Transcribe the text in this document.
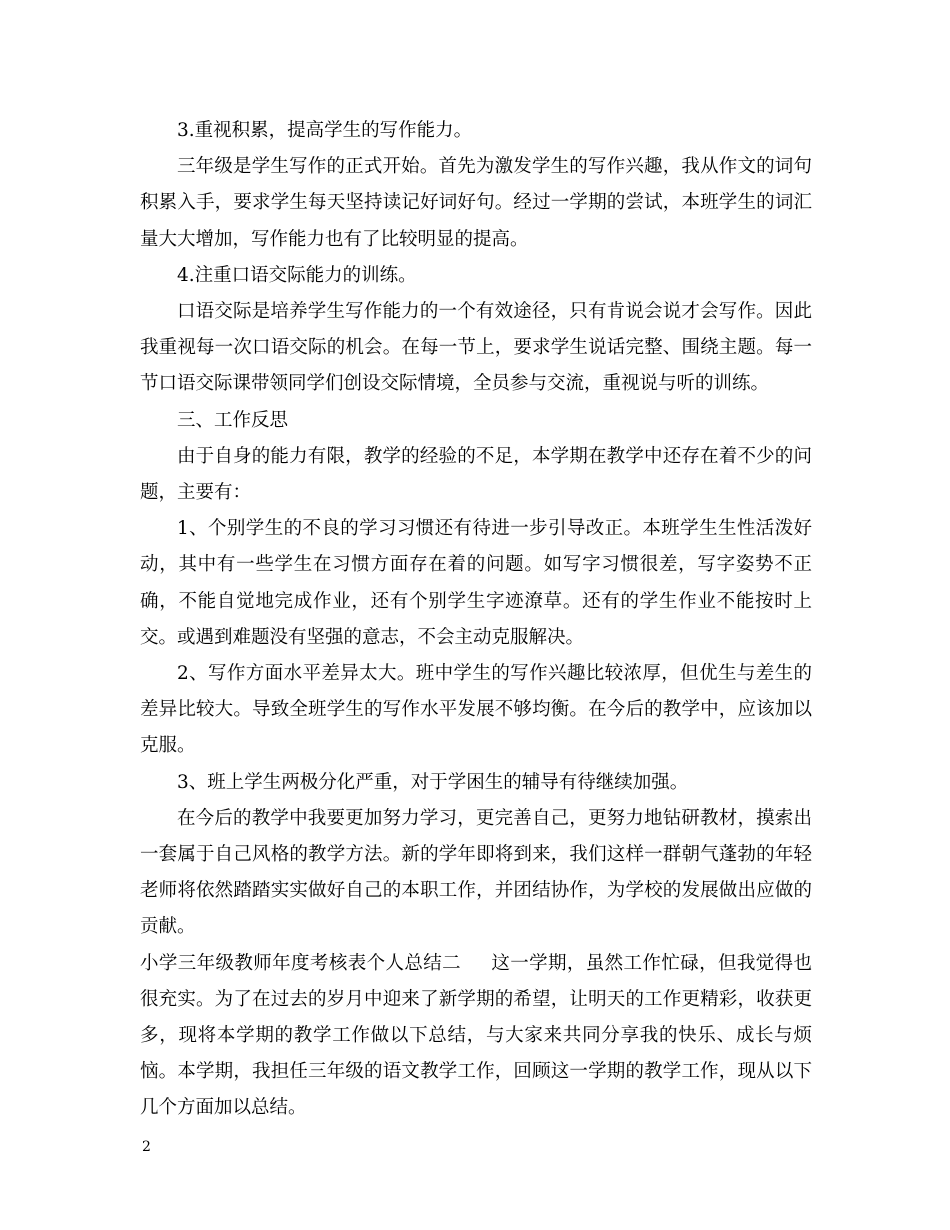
3.重视积累，提高学生的写作能力。

三年级是学生写作的正式开始。首先为激发学生的写作兴趣，我从作文的词句积累入手，要求学生每天坚持读记好词好句。经过一学期的尝试，本班学生的词汇量大大增加，写作能力也有了比较明显的提高。

4.注重口语交际能力的训练。

口语交际是培养学生写作能力的一个有效途径，只有肯说会说才会写作。因此我重视每一次口语交际的机会。在每一节上，要求学生说话完整、围绕主题。每一节口语交际课带领同学们创设交际情境，全员参与交流，重视说与听的训练。

三、工作反思

由于自身的能力有限，教学的经验的不足，本学期在教学中还存在着不少的问题，主要有：

1、个别学生的不良的学习习惯还有待进一步引导改正。本班学生生性活泼好动，其中有一些学生在习惯方面存在着的问题。如写字习惯很差，写字姿势不正确，不能自觉地完成作业，还有个别学生字迹潦草。还有的学生作业不能按时上交。或遇到难题没有坚强的意志，不会主动克服解决。

2、写作方面水平差异太大。班中学生的写作兴趣比较浓厚，但优生与差生的差异比较大。导致全班学生的写作水平发展不够均衡。在今后的教学中，应该加以克服。

3、班上学生两极分化严重，对于学困生的辅导有待继续加强。

在今后的教学中我要更加努力学习，更完善自己，更努力地钻研教材，摸索出一套属于自己风格的教学方法。新的学年即将到来，我们这样一群朝气蓬勃的年轻老师将依然踏踏实实做好自己的本职工作，并团结协作，为学校的发展做出应做的贡献。

小学三年级教师年度考核表个人总结二 这一学期，虽然工作忙碌，但我觉得也很充实。为了在过去的岁月中迎来了新学期的希望，让明天的工作更精彩，收获更多，现将本学期的教学工作做以下总结，与大家来共同分享我的快乐、成长与烦恼。本学期，我担任三年级的语文教学工作，回顾这一学期的教学工作，现从以下几个方面加以总结。

2
